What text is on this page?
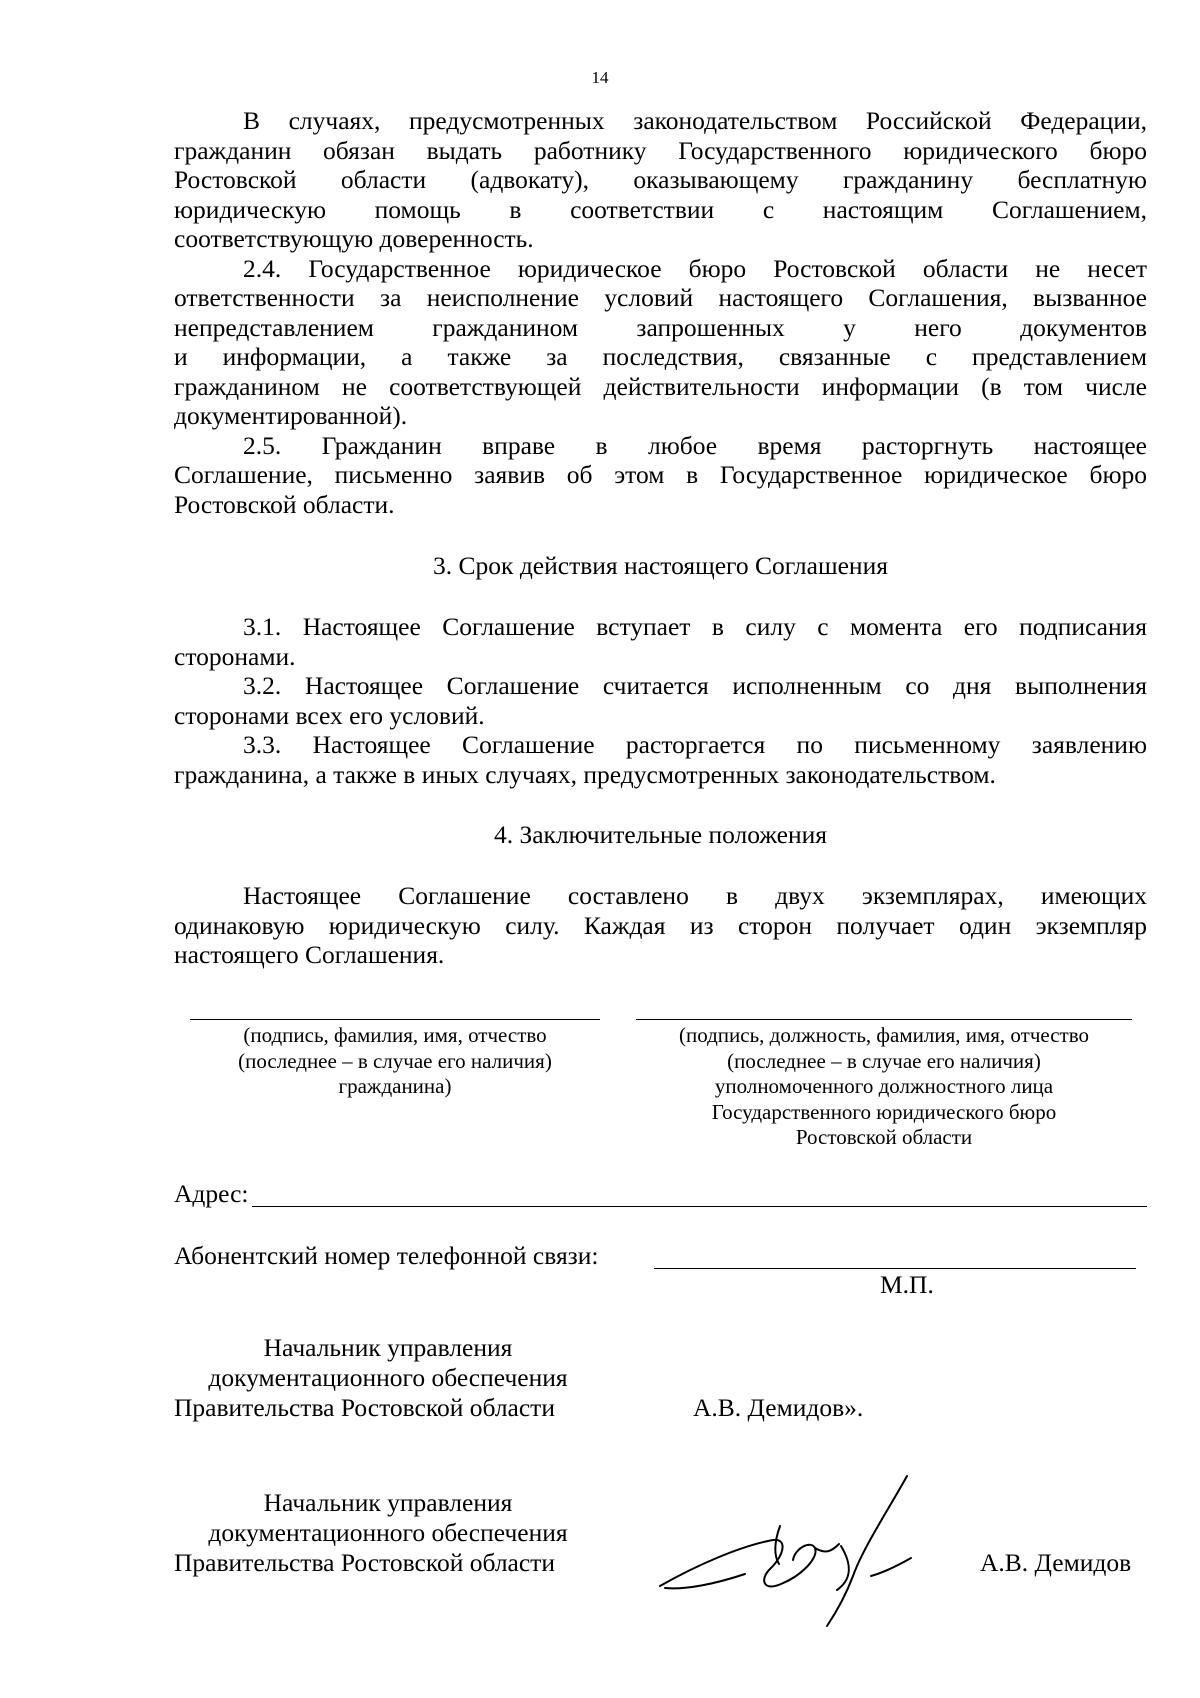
14
В случаях, предусмотренных законодательством Российской Федерации,
гражданин обязан выдать работнику Государственного юридического бюро
Ростовской области (адвокату), оказывающему гражданину бесплатную
юридическую помощь в соответствии с настоящим Соглашением,
соответствующую доверенность.
2.4. Государственное юридическое бюро Ростовской области не несет
ответственности за неисполнение условий настоящего Соглашения, вызванное
непредставлением гражданином запрошенных у него документов
и информации, а также за последствия, связанные с представлением
гражданином не соответствующей действительности информации (в том числе
документированной).
2.5. Гражданин вправе в любое время расторгнуть настоящее
Соглашение, письменно заявив об этом в Государственное юридическое бюро
Ростовской области.
3. Срок действия настоящего Соглашения
3.1. Настоящее Соглашение вступает в силу с момента его подписания
сторонами.
3.2. Настоящее Соглашение считается исполненным со дня выполнения
сторонами всех его условий.
3.3. Настоящее Соглашение расторгается по письменному заявлению
гражданина, а также в иных случаях, предусмотренных законодательством.
4. Заключительные положения
Настоящее Соглашение составлено в двух экземплярах, имеющих
одинаковую юридическую силу. Каждая из сторон получает один экземпляр
настоящего Соглашения.
(подпись, фамилия, имя, отчество
(последнее – в случае его наличия)
гражданина)
(подпись, должность, фамилия, имя, отчество
(последнее – в случае его наличия)
уполномоченного должностного лица
Государственного юридического бюро
Ростовской области
Адрес:
Абонентский номер телефонной связи:
М.П.
Начальник управления
документационного обеспечения
Правительства Ростовской области	А.В. Демидов».
Начальник управления
документационного обеспечения
Правительства Ростовской области	А.В. Демидов
